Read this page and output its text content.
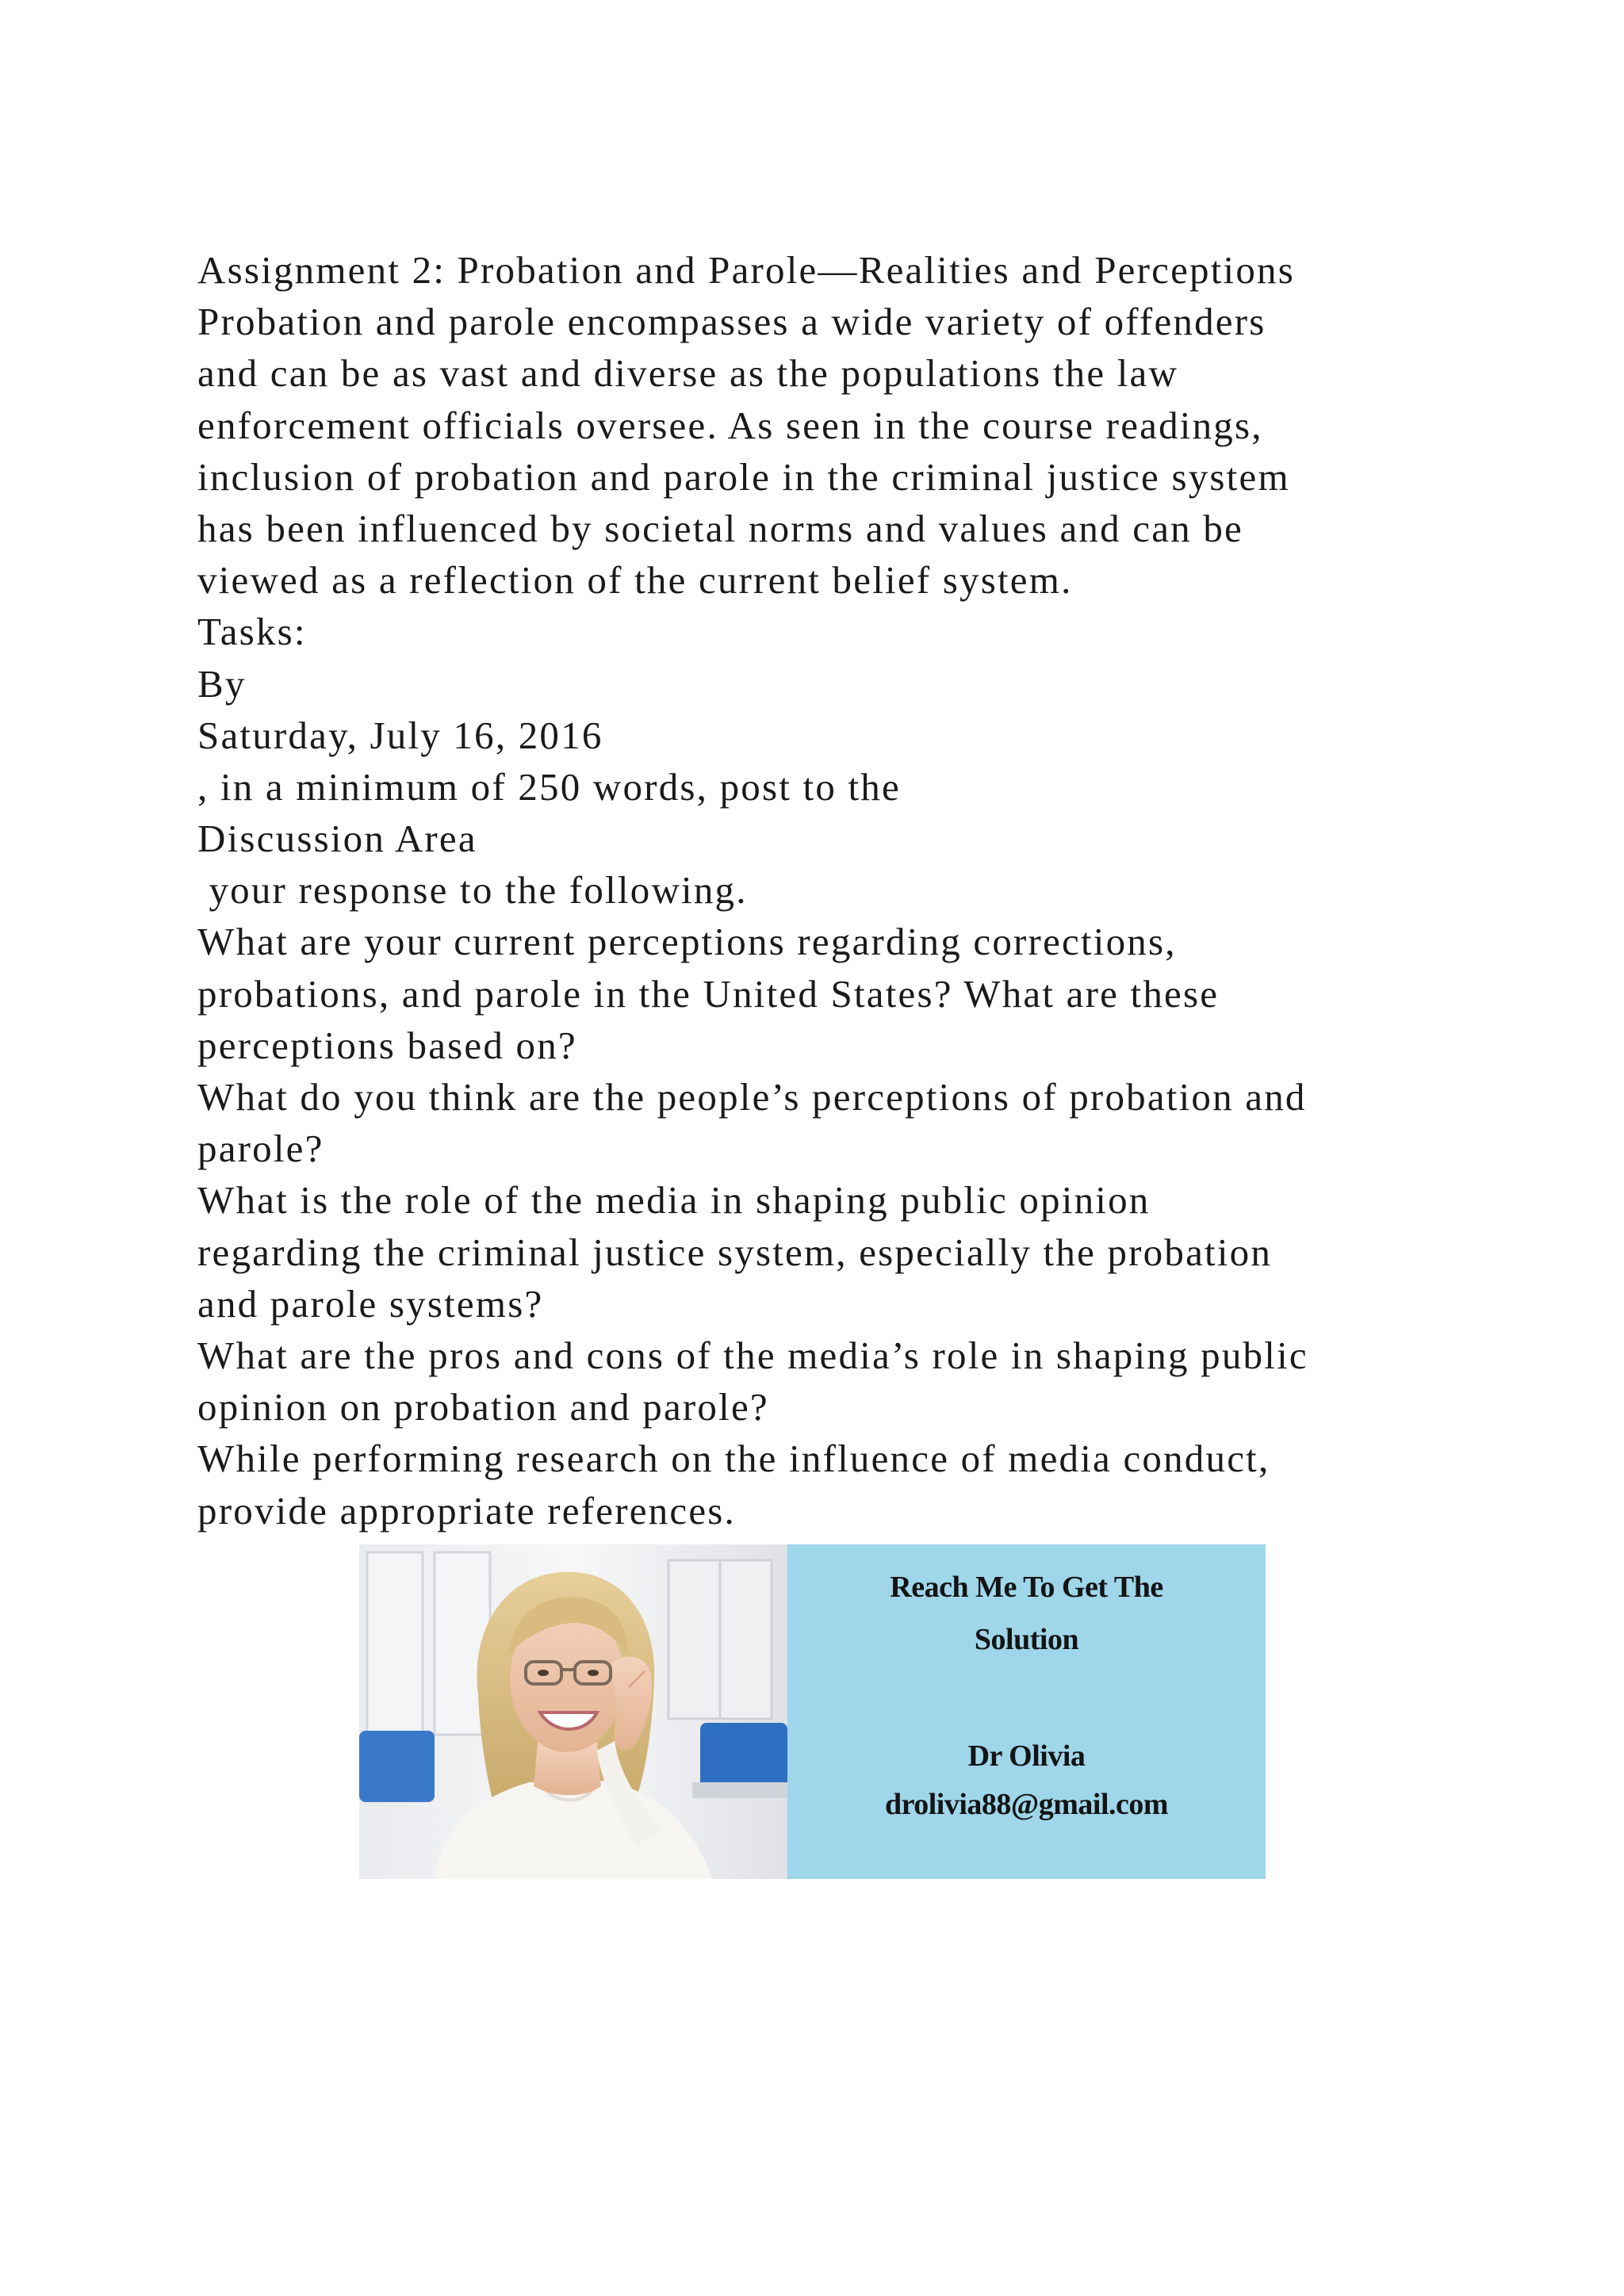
Assignment 2: Probation and Parole—Realities and Perceptions
Probation and parole encompasses a wide variety of offenders
and can be as vast and diverse as the populations the law
enforcement officials oversee. As seen in the course readings,
inclusion of probation and parole in the criminal justice system
has been influenced by societal norms and values and can be
viewed as a reflection of the current belief system.
Tasks:
By
Saturday, July 16, 2016
, in a minimum of 250 words, post to the
Discussion Area
your response to the following.
What are your current perceptions regarding corrections,
probations, and parole in the United States? What are these
perceptions based on?
What do you think are the people’s perceptions of probation and
parole?
What is the role of the media in shaping public opinion
regarding the criminal justice system, especially the probation
and parole systems?
What are the pros and cons of the media’s role in shaping public
opinion on probation and parole?
While performing research on the influence of media conduct,
provide appropriate references.
Reach Me To Get The
Solution
Dr Olivia
drolivia88@gmail.com
